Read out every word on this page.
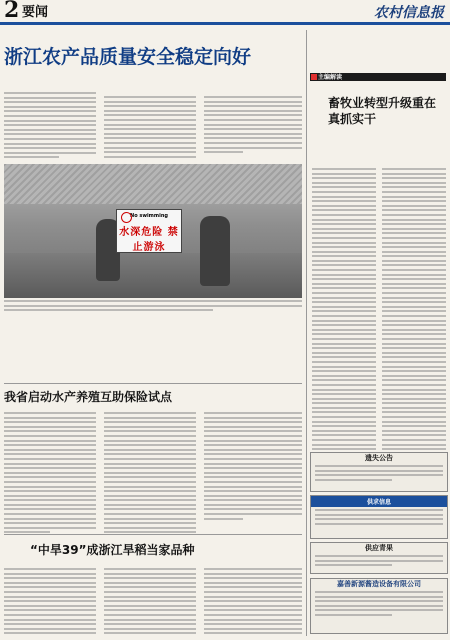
2 要闻	农村信息报
浙江农产品质量安全稳定向好
No swimming
水深危险 禁止游泳
我省启动水产养殖互助保险试点
“中旱39”成浙江旱稻当家品种
主编解读
畜牧业转型升级重在真抓实干
遗失公告
供求信息
供应青果
嘉善新源酱造设备有限公司
